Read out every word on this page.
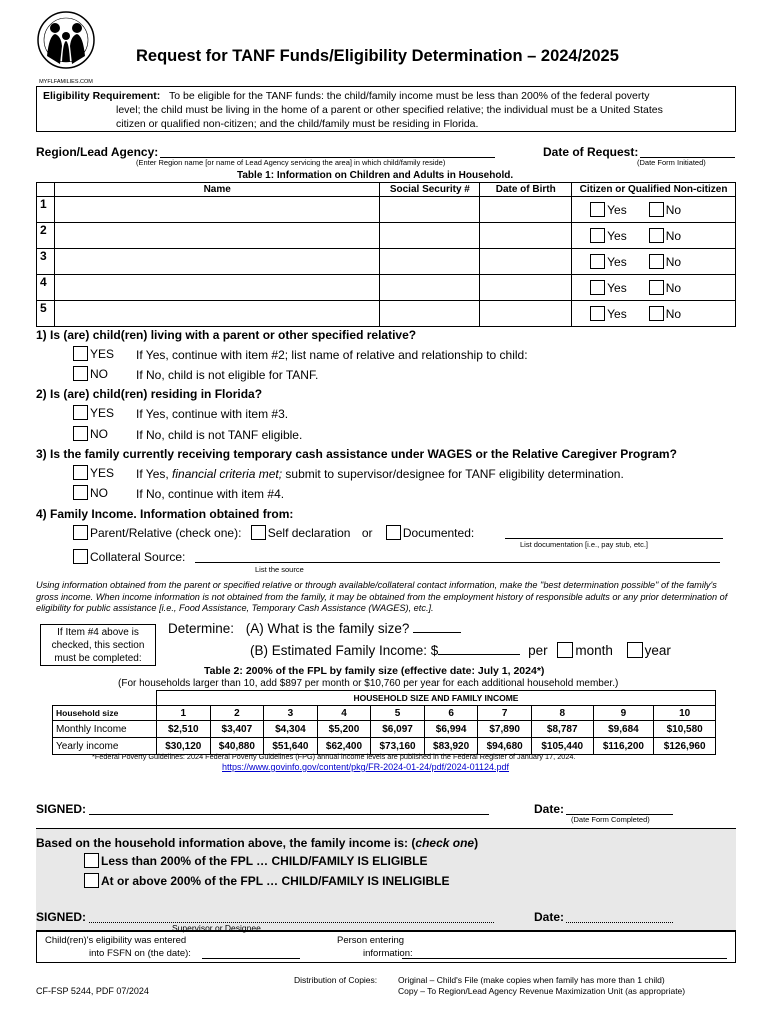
MYFLFAMILIES.COM
Request for TANF Funds/Eligibility Determination – 2024/2025
Eligibility Requirement: To be eligible for the TANF funds: the child/family income must be less than 200% of the federal poverty
level; the child must be living in the home of a parent or other specified relative; the individual must be a United States
citizen or qualified non-citizen; and the child/family must be residing in Florida.
Region/Lead Agency:
(Enter Region name [or name of Lead Agency servicing the area] in which child/family reside)
Date of Request:
(Date Form Initiated)
Table 1: Information on Children and Adults in Household.
	Name	Social Security #	Date of Birth	Citizen or Qualified Non-citizen
1				Yes No
2				Yes No
3				Yes No
4				Yes No
5				Yes No
1) Is (are) child(ren) living with a parent or other specified relative?
YES If Yes, continue with item #2; list name of relative and relationship to child:
NO If No, child is not eligible for TANF.
2) Is (are) child(ren) residing in Florida?
YES If Yes, continue with item #3.
NO If No, child is not TANF eligible.
3) Is the family currently receiving temporary cash assistance under WAGES or the Relative Caregiver Program?
YES If Yes, financial criteria met; submit to supervisor/designee for TANF eligibility determination.
NO If No, continue with item #4.
4) Family Income. Information obtained from:
Parent/Relative (check one): Self declaration or	Documented:
List documentation [i.e., pay stub, etc.]
Collateral Source:
List the source
Using information obtained from the parent or specified relative or through available/collateral contact information, make the "best determination possible" of the family's gross income. When income information is not obtained from the family, it may be obtained from the employment history of responsible adults or any prior determination of eligibility for public assistance [i.e., Food Assistance, Temporary Cash Assistance (WAGES), etc.].
If Item #4 above is checked, this section must be completed:
Determine: (A) What is the family size?
(B) Estimated Family Income: $	per month year
Table 2: 200% of the FPL by family size (effective date: July 1, 2024*)
(For households larger than 10, add $897 per month or $10,760 per year for each additional household member.)
	HOUSEHOLD SIZE AND FAMILY INCOME									
Household size	1	2	3	4	5	6	7	8	9	10
Monthly Income	$2,510	$3,407	$4,304	$5,200	$6,097	$6,994	$7,890	$8,787	$9,684	$10,580
Yearly income	$30,120	$40,880	$51,640	$62,400	$73,160	$83,920	$94,680	$105,440	$116,200	$126,960
*Federal Poverty Guidelines: 2024 Federal Poverty Guidelines (FPG) annual income levels are published in the Federal Register of January 17, 2024.
https://www.govinfo.gov/content/pkg/FR-2024-01-24/pdf/2024-01124.pdf
SIGNED:	Date:
(Date Form Completed)
Based on the household information above, the family income is: (check one)
Less than 200% of the FPL … CHILD/FAMILY IS ELIGIBLE
At or above 200% of the FPL … CHILD/FAMILY IS INELIGIBLE
SIGNED:	Date:
Supervisor or Designee
Child(ren)'s eligibility was entered
into FSFN on (the date):
Person entering
information:
CF-FSP 5244, PDF 07/2024
Distribution of Copies: Original – Child's File (make copies when family has more than 1 child)
Copy – To Region/Lead Agency Revenue Maximization Unit (as appropriate)
